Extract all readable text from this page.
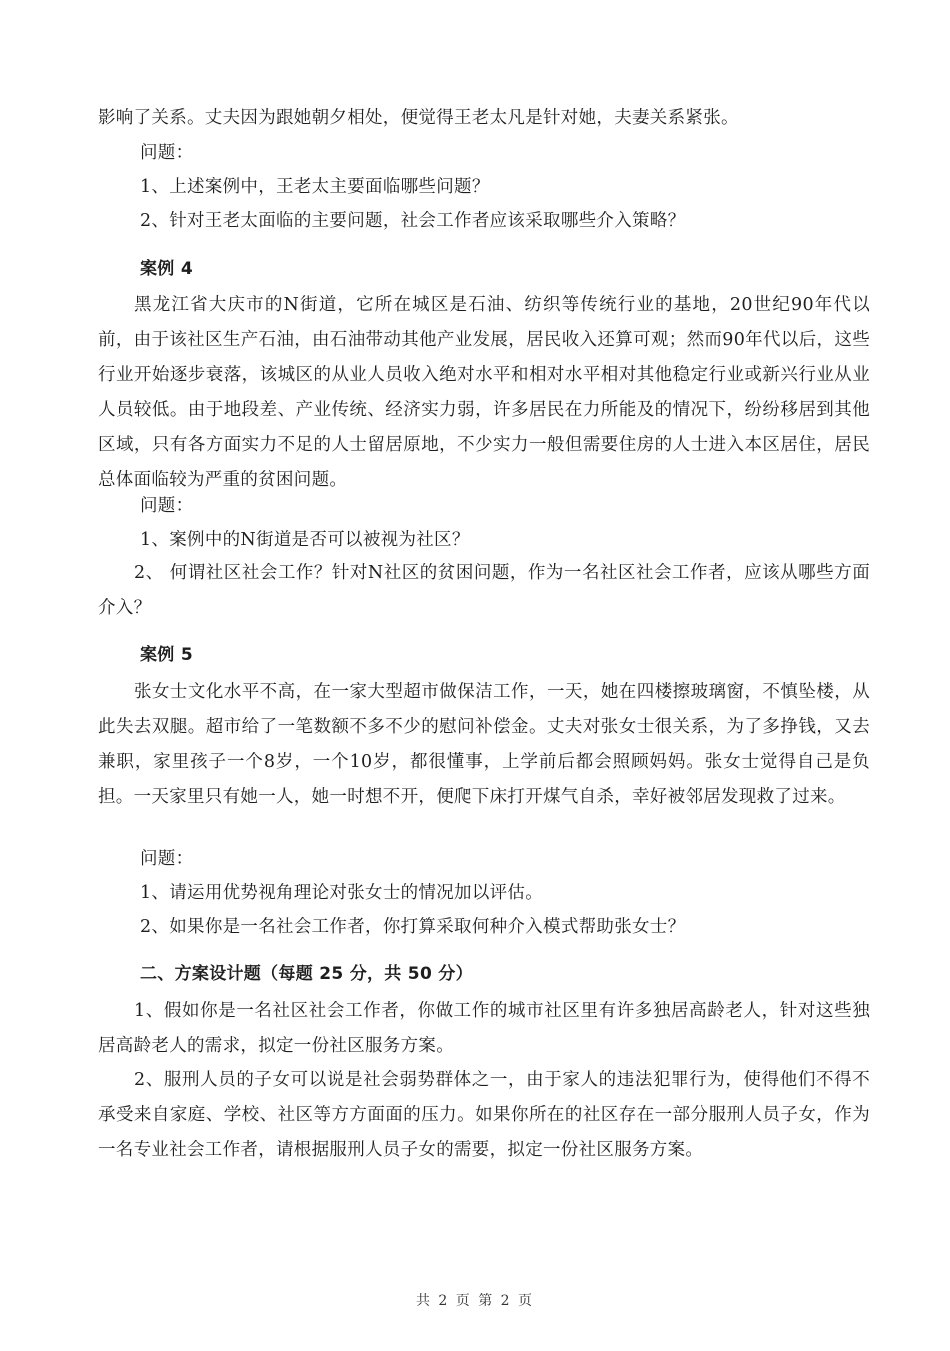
影响了关系。丈夫因为跟她朝夕相处，便觉得王老太凡是针对她，夫妻关系紧张。

问题：

1、上述案例中，王老太主要面临哪些问题？

2、针对王老太面临的主要问题，社会工作者应该采取哪些介入策略？

案例 4

黑龙江省大庆市的N街道，它所在城区是石油、纺织等传统行业的基地，20世纪90年代以前，由于该社区生产石油，由石油带动其他产业发展，居民收入还算可观；然而90年代以后，这些行业开始逐步衰落，该城区的从业人员收入绝对水平和相对水平相对其他稳定行业或新兴行业从业人员较低。由于地段差、产业传统、经济实力弱，许多居民在力所能及的情况下，纷纷移居到其他区域，只有各方面实力不足的人士留居原地，不少实力一般但需要住房的人士进入本区居住，居民总体面临较为严重的贫困问题。

问题：

1、案例中的N街道是否可以被视为社区？

2、 何谓社区社会工作？针对N社区的贫困问题，作为一名社区社会工作者，应该从哪些方面介入？

案例 5

张女士文化水平不高，在一家大型超市做保洁工作，一天，她在四楼擦玻璃窗，不慎坠楼，从此失去双腿。超市给了一笔数额不多不少的慰问补偿金。丈夫对张女士很关系，为了多挣钱，又去兼职，家里孩子一个8岁，一个10岁，都很懂事，上学前后都会照顾妈妈。张女士觉得自己是负担。一天家里只有她一人，她一时想不开，便爬下床打开煤气自杀，幸好被邻居发现救了过来。

问题：

1、请运用优势视角理论对张女士的情况加以评估。

2、如果你是一名社会工作者，你打算采取何种介入模式帮助张女士？

二、方案设计题（每题 25 分，共 50 分）

1、假如你是一名社区社会工作者，你做工作的城市社区里有许多独居高龄老人，针对这些独居高龄老人的需求，拟定一份社区服务方案。

2、服刑人员的子女可以说是社会弱势群体之一，由于家人的违法犯罪行为，使得他们不得不承受来自家庭、学校、社区等方方面面的压力。如果你所在的社区存在一部分服刑人员子女，作为一名专业社会工作者，请根据服刑人员子女的需要，拟定一份社区服务方案。

共 2 页 第 2 页
